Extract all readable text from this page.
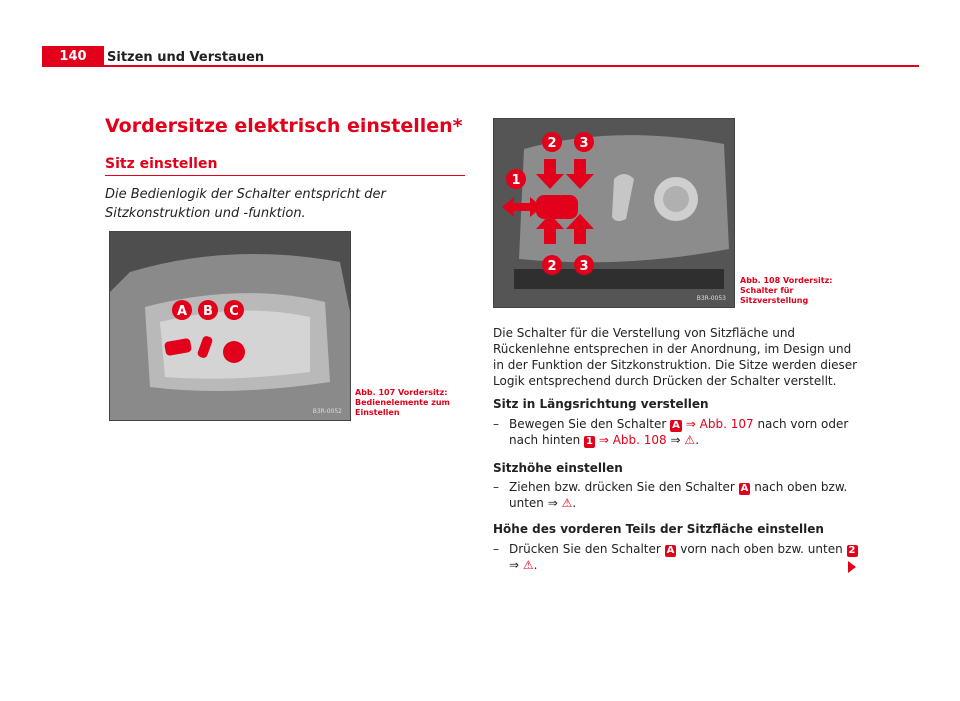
140	Sitzen und Verstauen
Vordersitze elektrisch einstellen*
Sitz einstellen
Die Bedienlogik der Schalter entspricht der Sitzkonstruktion und -funktion.
A B C
B3R-0052
Abb. 107 Vordersitz: Bedienelemente zum Einstellen
1
2 3
2 3
B3R-0053
Abb. 108 Vordersitz: Schalter für Sitzverstellung
Die Schalter für die Verstellung von Sitzfläche und Rückenlehne entsprechen in der Anordnung, im Design und in der Funktion der Sitzkonstruktion. Die Sitze werden dieser Logik entsprechend durch Drücken der Schalter verstellt.
Sitz in Längsrichtung verstellen
– Bewegen Sie den Schalter A ⇒ Abb. 107 nach vorn oder nach hinten 1 ⇒ Abb. 108 ⇒ ⚠.
Sitzhöhe einstellen
– Ziehen bzw. drücken Sie den Schalter A nach oben bzw. unten ⇒ ⚠.
Höhe des vorderen Teils der Sitzfläche einstellen
– Drücken Sie den Schalter A vorn nach oben bzw. unten 2 ⇒ ⚠.
